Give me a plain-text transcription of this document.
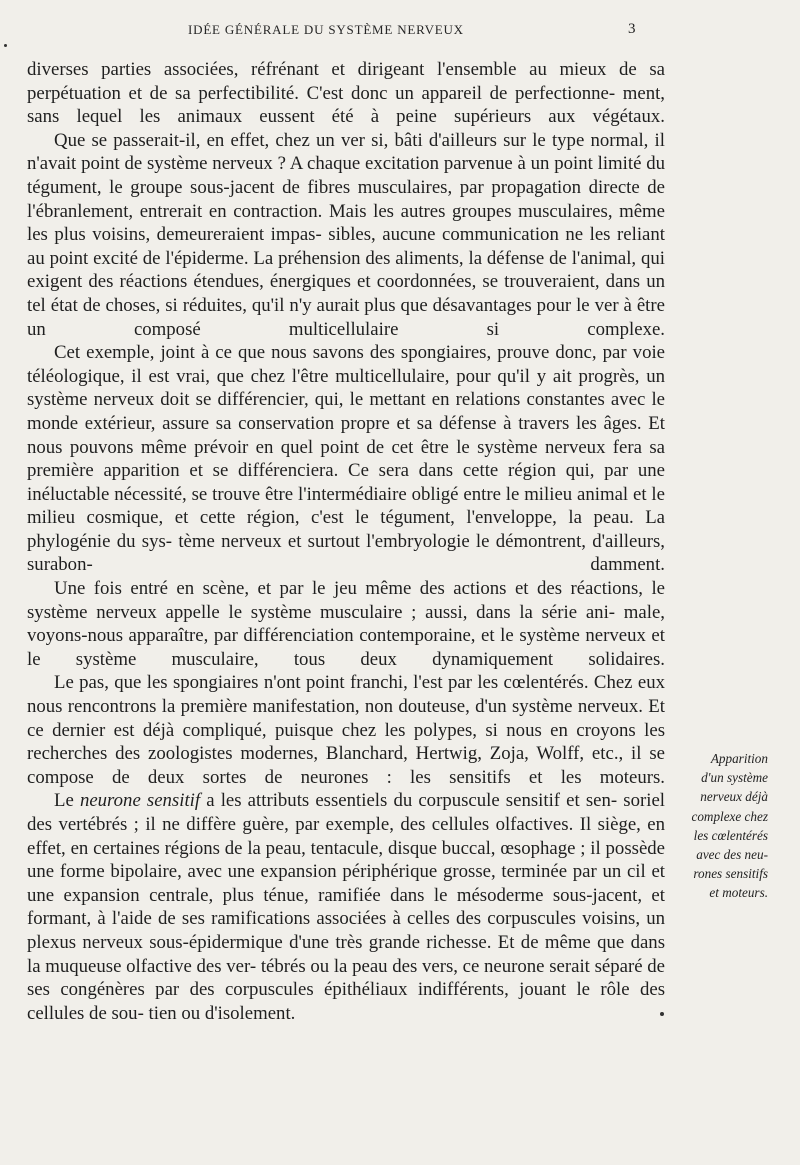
IDÉE GÉNÉRALE DU SYSTÈME NERVEUX	3

diverses parties associées, réfrénant et dirigeant l'ensemble au mieux de sa perpétuation et de sa perfectibilité. C'est donc un appareil de perfectionne- ment, sans lequel les animaux eussent été à peine supérieurs aux végétaux.

Que se passerait-il, en effet, chez un ver si, bâti d'ailleurs sur le type normal, il n'avait point de système nerveux ? A chaque excitation parvenue à un point limité du tégument, le groupe sous-jacent de fibres musculaires, par propagation directe de l'ébranlement, entrerait en contraction. Mais les autres groupes musculaires, même les plus voisins, demeureraient impas- sibles, aucune communication ne les reliant au point excité de l'épiderme. La préhension des aliments, la défense de l'animal, qui exigent des réactions étendues, énergiques et coordonnées, se trouveraient, dans un tel état de choses, si réduites, qu'il n'y aurait plus que désavantages pour le ver à être un composé multicellulaire si complexe.

Cet exemple, joint à ce que nous savons des spongiaires, prouve donc, par voie téléologique, il est vrai, que chez l'être multicellulaire, pour qu'il y ait progrès, un système nerveux doit se différencier, qui, le mettant en relations constantes avec le monde extérieur, assure sa conservation propre et sa défense à travers les âges. Et nous pouvons même prévoir en quel point de cet être le système nerveux fera sa première apparition et se différenciera. Ce sera dans cette région qui, par une inéluctable nécessité, se trouve être l'intermédiaire obligé entre le milieu animal et le milieu cosmique, et cette région, c'est le tégument, l'enveloppe, la peau. La phylogénie du sys- tème nerveux et surtout l'embryologie le démontrent, d'ailleurs, surabon-	damment.

Une fois entré en scène, et par le jeu même des actions et des réactions, le système nerveux appelle le système musculaire ; aussi, dans la série ani- male, voyons-nous apparaître, par différenciation contemporaine, et le système nerveux et le système musculaire, tous deux dynamiquement solidaires.

Le pas, que les spongiaires n'ont point franchi, l'est par les cœlentérés. Chez eux nous rencontrons la première manifestation, non douteuse, d'un système nerveux. Et ce dernier est déjà compliqué, puisque chez les polypes, si nous en croyons les recherches des zoologistes modernes, Blanchard, Hertwig, Zoja, Wolff, etc., il se compose de deux sortes de neurones : les sensitifs et les moteurs.

Le neurone sensitif a les attributs essentiels du corpuscule sensitif et sen- soriel des vertébrés ; il ne diffère guère, par exemple, des cellules olfactives. Il siège, en effet, en certaines régions de la peau, tentacule, disque buccal, œsophage ; il possède une forme bipolaire, avec une expansion périphérique grosse, terminée par un cil et une expansion centrale, plus ténue, ramifiée dans le mésoderme sous-jacent, et formant, à l'aide de ses ramifications associées à celles des corpuscules voisins, un plexus nerveux sous-épidermique d'une très grande richesse. Et de même que dans la muqueuse olfactive des ver- tébrés ou la peau des vers, ce neurone serait séparé de ses congénères par des corpuscules épithéliaux indifférents, jouant le rôle des cellules de sou- tien ou d'isolement.

Apparition
d'un système
nerveux déjà
complexe chez
les cœlentérés
avec des neu-
rones sensitifs
et moteurs.
